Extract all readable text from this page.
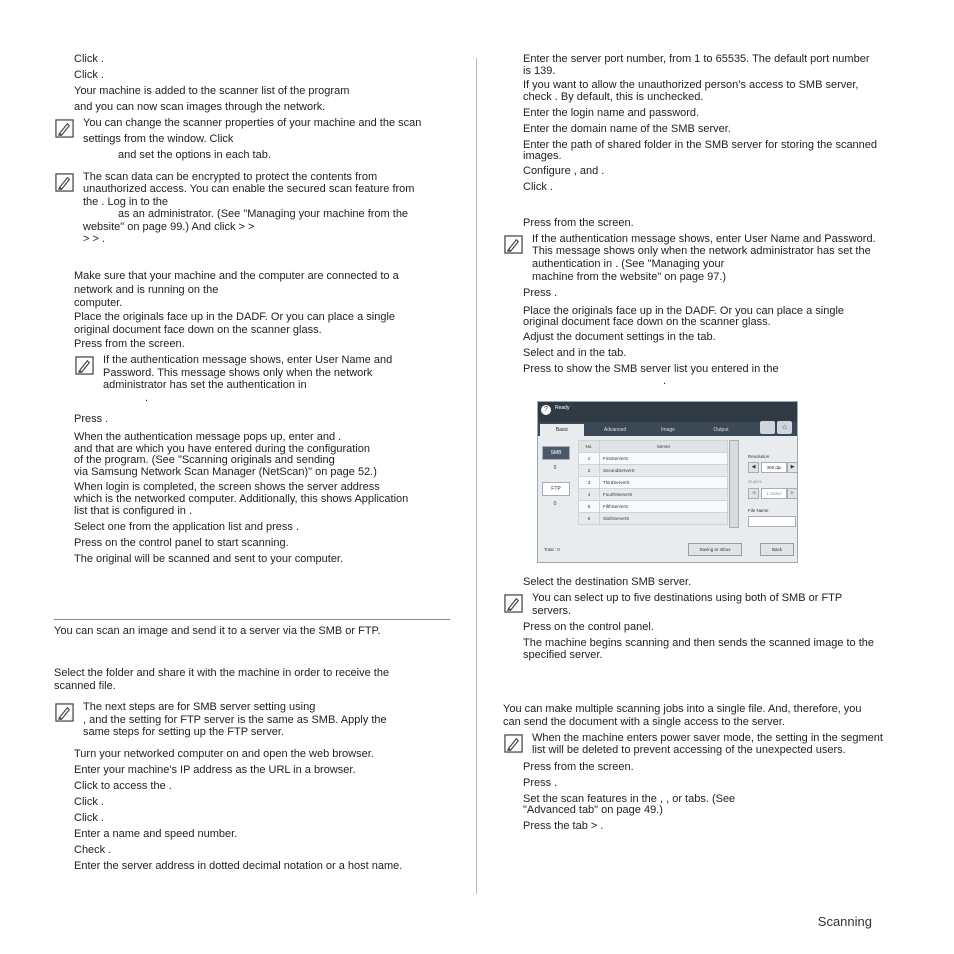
Click .

Click .

Your machine is added to the scanner list of the program

and you can now scan images through the network.

You can change the scanner properties of your machine and the scan
settings from the window. Click
and set the options in each tab.
The scan data can be encrypted to protect the contents from
unauthorized access. You can enable the secured scan feature from
the . Log in to the
as an administrator. (See "Managing your machine from the
website" on page 99.) And click > >
> > .

Make sure that your machine and the computer are connected to a

network and is running on the

computer.

Place the originals face up in the DADF. Or you can place a single

original document face down on the scanner glass.

Press from the screen.

If the authentication message shows, enter User Name and
Password. This message shows only when the network
administrator has set the authentication in
.

Press .

When the authentication message pops up, enter and .

and that are which you have entered during the configuration

of the program. (See "Scanning originals and sending

via Samsung Network Scan Manager (NetScan)" on page 52.)

When login is completed, the screen shows the server address

which is the networked computer. Additionally, this shows Application

list that is configured in .

Select one from the application list and press .

Press on the control panel to start scanning.

The original will be scanned and sent to your computer.

You can scan an image and send it to a server via the SMB or FTP.

Select the folder and share it with the machine in order to receive the

scanned file.

The next steps are for SMB server setting using
, and the setting for FTP server is the same as SMB. Apply the
same steps for setting up the FTP server.

Turn your networked computer on and open the web browser.

Enter your machine's IP address as the URL in a browser.

Click to access the .

Click .

Click .

Enter a name and speed number.

Check .

Enter the server address in dotted decimal notation or a host name.

Enter the server port number, from 1 to 65535. The default port number

is 139.

If you want to allow the unauthorized person’s access to SMB server,

check . By default, this is unchecked.

Enter the login name and password.

Enter the domain name of the SMB server.

Enter the path of shared folder in the SMB server for storing the scanned

images.

Configure , and .

Click .

Press from the screen.

If the authentication message shows, enter User Name and Password.
This message shows only when the network administrator has set the
authentication in . (See "Managing your
machine from the website" on page 97.)

Press .

Place the originals face up in the DADF. Or you can place a single

original document face down on the scanner glass.

Adjust the document settings in the tab.

Select and in the tab.

Press to show the SMB server list you entered in the

.

?	Ready
Basic	Advanced	Image	Output	⌂
SMB
0
FTP
0
No.	Server
1	FirstServerS
2	SecondServerS
3	ThirdServerS
4	FourthServerS
5	FifthServerS
6	SixthServerS
Resolution
◀	300 dpi	▶
Duplex
◀	1 Sided	▶
File Name
Total : 0	Saving to Inbox	Back

Select the destination SMB server.

You can select up to five destinations using both of SMB or FTP
servers.

Press on the control panel.

The machine begins scanning and then sends the scanned image to the

specified server.

You can make multiple scanning jobs into a single file. And, therefore, you

can send the document with a single access to the server.

When the machine enters power saver mode, the setting in the segment
list will be deleted to prevent accessing of the unexpected users.

Press from the screen.

Press .

Set the scan features in the , , or tabs. (See

"Advanced tab" on page 49.)

Press the tab > .

Scanning
